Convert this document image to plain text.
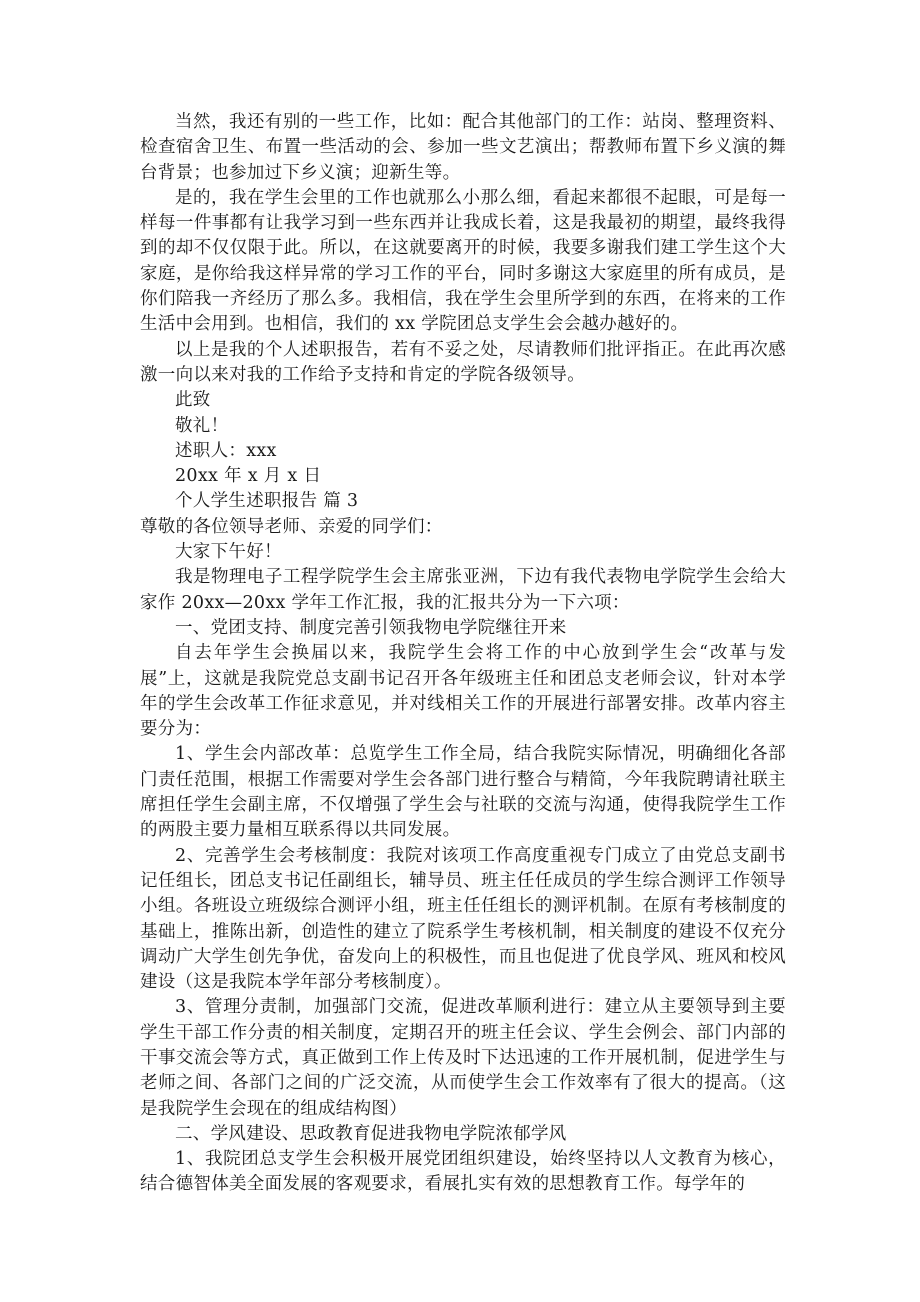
当然，我还有别的一些工作，比如：配合其他部门的工作：站岗、整理资料、检查宿舍卫生、布置一些活动的会、参加一些文艺演出；帮教师布置下乡义演的舞台背景；也参加过下乡义演；迎新生等。

是的，我在学生会里的工作也就那么小那么细，看起来都很不起眼，可是每一样每一件事都有让我学习到一些东西并让我成长着，这是我最初的期望，最终我得到的却不仅仅限于此。所以，在这就要离开的时候，我要多谢我们建工学生这个大家庭，是你给我这样异常的学习工作的平台，同时多谢这大家庭里的所有成员，是你们陪我一齐经历了那么多。我相信，我在学生会里所学到的东西，在将来的工作生活中会用到。也相信，我们的 xx 学院团总支学生会会越办越好的。

以上是我的个人述职报告，若有不妥之处，尽请教师们批评指正。在此再次感激一向以来对我的工作给予支持和肯定的学院各级领导。

此致

敬礼！

述职人：xxx

20xx 年 x 月 x 日

个人学生述职报告 篇 3

尊敬的各位领导老师、亲爱的同学们：

大家下午好！

我是物理电子工程学院学生会主席张亚洲，下边有我代表物电学院学生会给大家作 20xx—20xx 学年工作汇报，我的汇报共分为一下六项：

一、党团支持、制度完善引领我物电学院继往开来

自去年学生会换届以来，我院学生会将工作的中心放到学生会“改革与发展”上，这就是我院党总支副书记召开各年级班主任和团总支老师会议，针对本学年的学生会改革工作征求意见，并对线相关工作的开展进行部署安排。改革内容主要分为：

1、学生会内部改革：总览学生工作全局，结合我院实际情况，明确细化各部门责任范围，根据工作需要对学生会各部门进行整合与精简，今年我院聘请社联主席担任学生会副主席，不仅增强了学生会与社联的交流与沟通，使得我院学生工作的两股主要力量相互联系得以共同发展。

2、完善学生会考核制度：我院对该项工作高度重视专门成立了由党总支副书记任组长，团总支书记任副组长，辅导员、班主任任成员的学生综合测评工作领导小组。各班设立班级综合测评小组，班主任任组长的测评机制。在原有考核制度的基础上，推陈出新，创造性的建立了院系学生考核机制，相关制度的建设不仅充分调动广大学生创先争优，奋发向上的积极性，而且也促进了优良学风、班风和校风建设（这是我院本学年部分考核制度）。

3、管理分责制，加强部门交流，促进改革顺利进行：建立从主要领导到主要学生干部工作分责的相关制度，定期召开的班主任会议、学生会例会、部门内部的干事交流会等方式，真正做到工作上传及时下达迅速的工作开展机制，促进学生与老师之间、各部门之间的广泛交流，从而使学生会工作效率有了很大的提高。（这是我院学生会现在的组成结构图）

二、学风建设、思政教育促进我物电学院浓郁学风

1、我院团总支学生会积极开展党团组织建设，始终坚持以人文教育为核心，结合德智体美全面发展的客观要求，看展扎实有效的思想教育工作。每学年的
